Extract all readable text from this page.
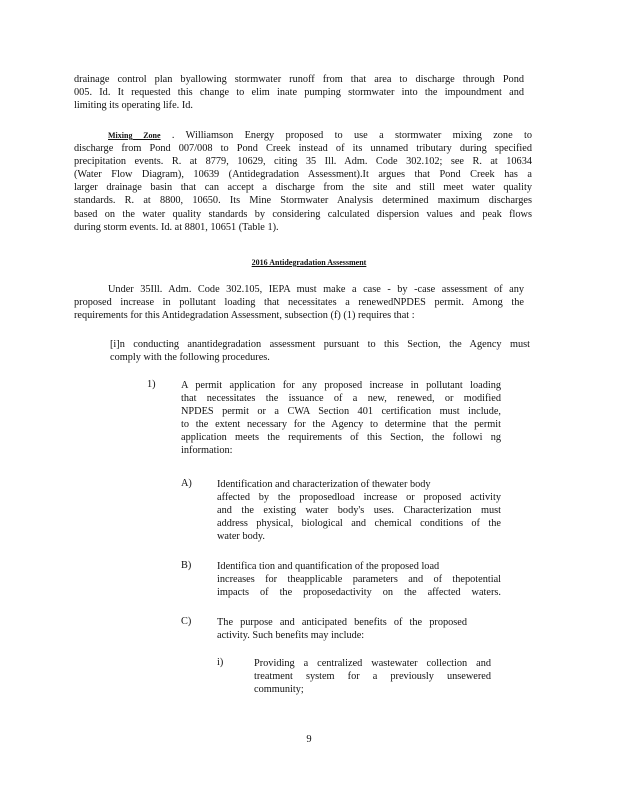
drainage control plan byallowing stormwater runoff from that area to discharge through Pond
005. Id. It requested this change to elim inate pumping stormwater into the impoundment and
limiting its operating life. Id.
Mixing Zone . Williamson Energy proposed to use a stormwater mixing zone to
discharge from Pond 007/008 to Pond Creek instead of its unnamed tributary during specified
precipitation events. R. at 8779, 10629, citing 35 Ill. Adm. Code 302.102; see R. at 10634
(Water Flow Diagram), 10639 (Antidegradation Assessment).It argues that Pond Creek has a
larger drainage basin that can accept a discharge from the site and still meet water quality
standards. R. at 8800, 10650. Its Mine Stormwater Analysis determined maximum discharges
based on the water quality standards by considering calculated dispersion values and peak flows
during storm events. Id. at 8801, 10651 (Table 1).
2016 Antidegradation Assessment
Under 35Ill. Adm. Code 302.105, IEPA must make a case - by -case assessment of any
proposed increase in pollutant loading that necessitates a renewedNPDES permit. Among the
requirements for this Antidegradation Assessment, subsection (f) (1) requires that :
[i]n conducting anantidegradation assessment pursuant to this Section, the Agency must
comply with the following procedures.
1) A permit application for any proposed increase in pollutant loading
that necessitates the issuance of a new, renewed, or modified
NPDES permit or a CWA Section 401 certification must include,
to the extent necessary for the Agency to determine that the permit
application meets the requirements of this Section, the followi ng
information:
A) Identification and characterization of thewater body
affected by the proposedload increase or proposed activity
and the existing water body's uses. Characterization must
address physical, biological and chemical conditions of the
water body.
B) Identifica tion and quantification of the proposed load
increases for theapplicable parameters and of thepotential
impacts of the proposedactivity on the affected waters.
C) The purpose and anticipated benefits of the proposed
activity. Such benefits may include:
i)	Providing a centralized wastewater collection and
treatment system for a previously unsewered
community;
9
